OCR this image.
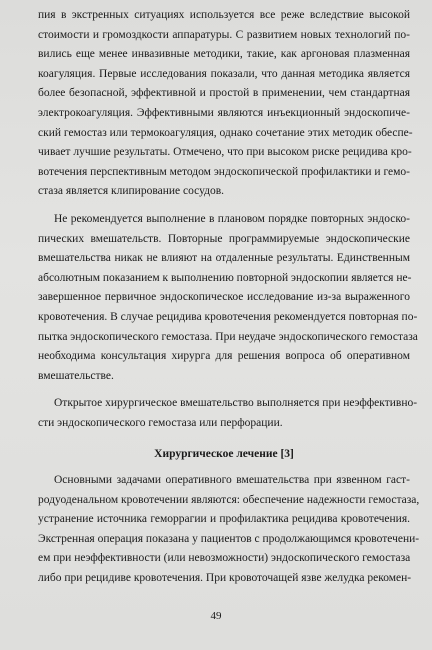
пия в экстренных ситуациях используется все реже вследствие высокой
стоимости и громоздкости аппаратуры. С развитием новых технологий по-
вились еще менее инвазивные методики, такие, как аргоновая плазменная
коагуляция. Первые исследования показали, что данная методика является
более безопасной, эффективной и простой в применении, чем стандартная
электрокоагуляция. Эффективными являются инъекционный эндоскопиче-
ский гемостаз или термокоагуляция, однако сочетание этих методик обеспе-
чивает лучшие результаты. Отмечено, что при высоком риске рецидива кро-
вотечения перспективным методом эндоскопической профилактики и гемо-
стаза является клипирование сосудов.

Не рекомендуется выполнение в плановом порядке повторных эндоско-
пических вмешательств. Повторные программируемые эндоскопические
вмешательства никак не влияют на отдаленные результаты. Единственным
абсолютным показанием к выполнению повторной эндоскопии является не-
завершенное первичное эндоскопическое исследование из-за выраженного
кровотечения. В случае рецидива кровотечения рекомендуется повторная по-
пытка эндоскопического гемостаза. При неудаче эндоскопического гемостаза
необходима консультация хирурга для решения вопроса об оперативном
вмешательстве.

Открытое хирургическое вмешательство выполняется при неэффективно-
сти эндоскопического гемостаза или перфорации.

Хирургическое лечение [3]

Основными задачами оперативного вмешательства при язвенном гаст-
родуоденальном кровотечении являются: обеспечение надежности гемостаза,
устранение источника геморрагии и профилактика рецидива кровотечения.
Экстренная операция показана у пациентов с продолжающимся кровотечени-
ем при неэффективности (или невозможности) эндоскопического гемостаза
либо при рецидиве кровотечения. При кровоточащей язве желудка рекомен-

49
